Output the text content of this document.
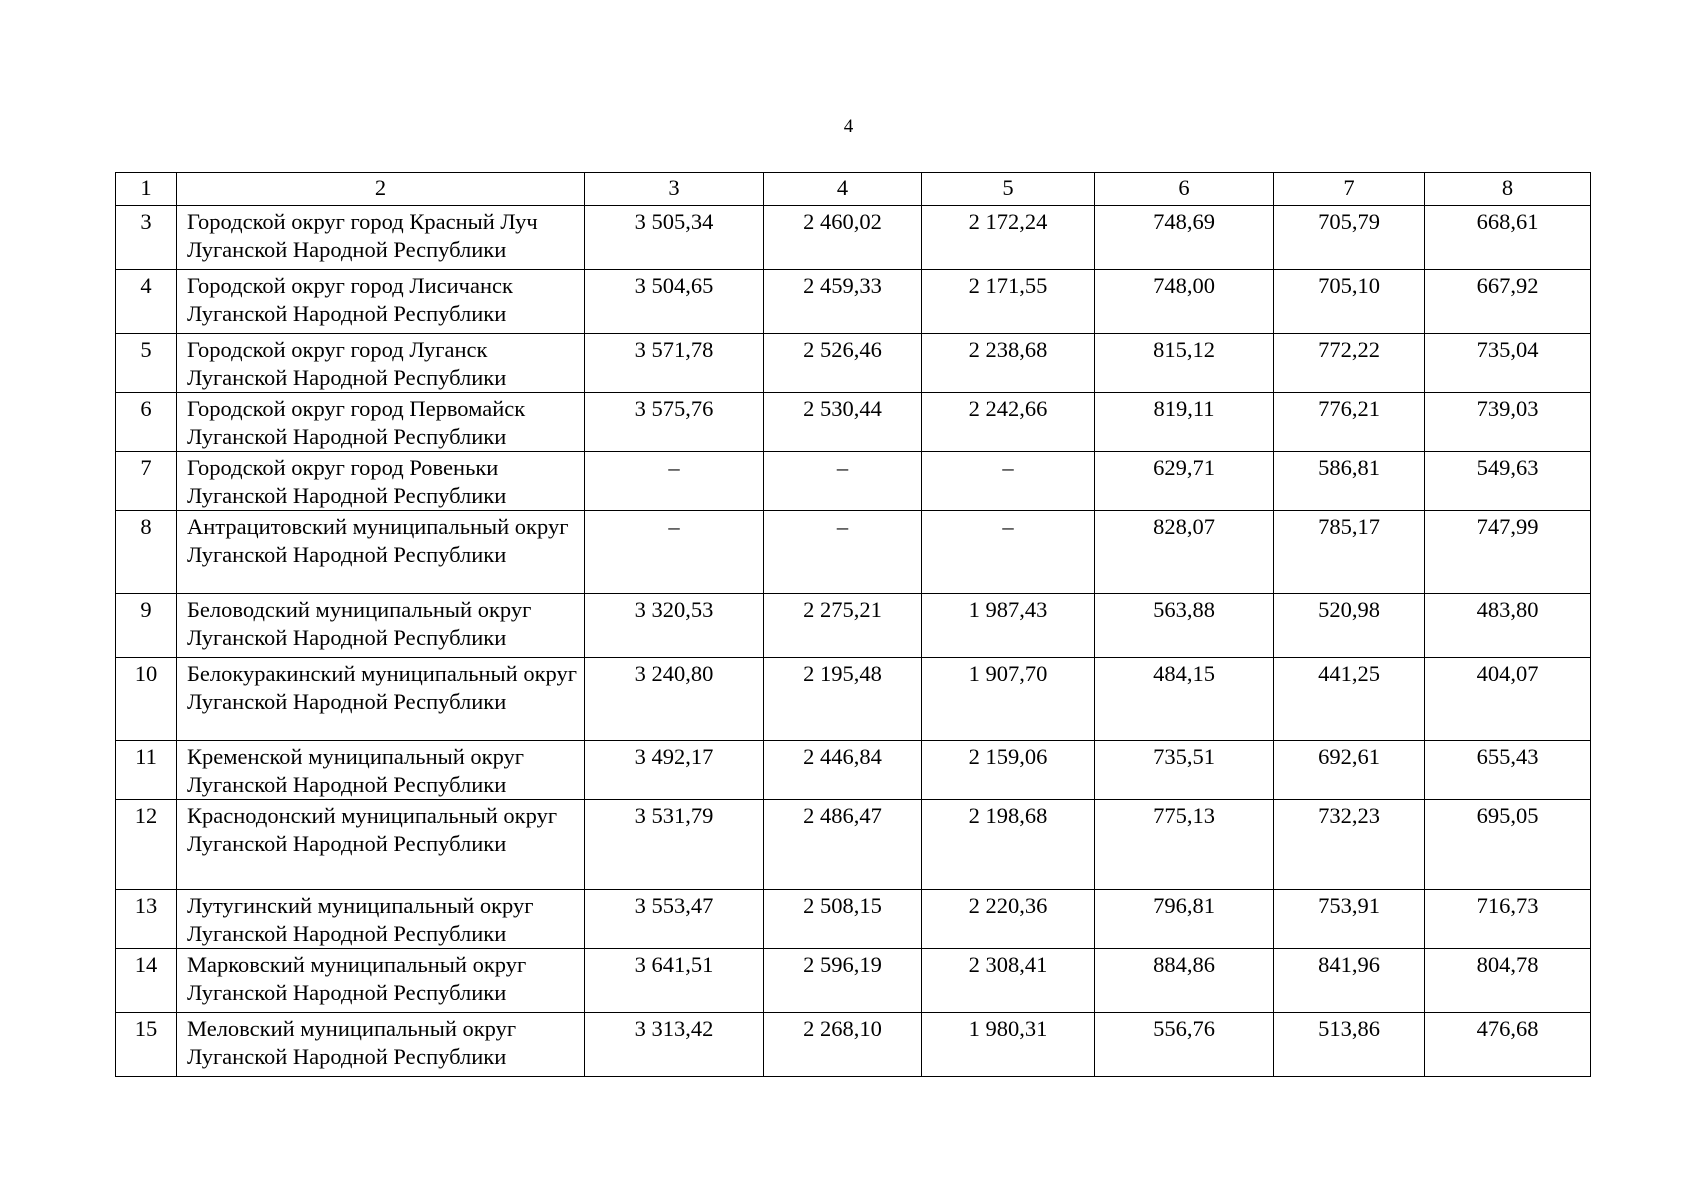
4
1	2	3	4	5	6	7	8
3	Городской округ город Красный Луч Луганской Народной Республики	3 505,34	2 460,02	2 172,24	748,69	705,79	668,61
4	Городской округ город Лисичанск Луганской Народной Республики	3 504,65	2 459,33	2 171,55	748,00	705,10	667,92
5	Городской округ город Луганск Луганской Народной Республики	3 571,78	2 526,46	2 238,68	815,12	772,22	735,04
6	Городской округ город Первомайск Луганской Народной Республики	3 575,76	2 530,44	2 242,66	819,11	776,21	739,03
7	Городской округ город Ровеньки Луганской Народной Республики	–	–	–	629,71	586,81	549,63
8	Антрацитовский муниципальный округ Луганской Народной Республики	–	–	–	828,07	785,17	747,99
9	Беловодский муниципальный округ Луганской Народной Республики	3 320,53	2 275,21	1 987,43	563,88	520,98	483,80
10	Белокуракинский муниципальный округ Луганской Народной Республики	3 240,80	2 195,48	1 907,70	484,15	441,25	404,07
11	Кременской муниципальный округ Луганской Народной Республики	3 492,17	2 446,84	2 159,06	735,51	692,61	655,43
12	Краснодонский муниципальный округ Луганской Народной Республики	3 531,79	2 486,47	2 198,68	775,13	732,23	695,05
13	Лутугинский муниципальный округ Луганской Народной Республики	3 553,47	2 508,15	2 220,36	796,81	753,91	716,73
14	Марковский муниципальный округ Луганской Народной Республики	3 641,51	2 596,19	2 308,41	884,86	841,96	804,78
15	Меловский муниципальный округ Луганской Народной Республики	3 313,42	2 268,10	1 980,31	556,76	513,86	476,68
